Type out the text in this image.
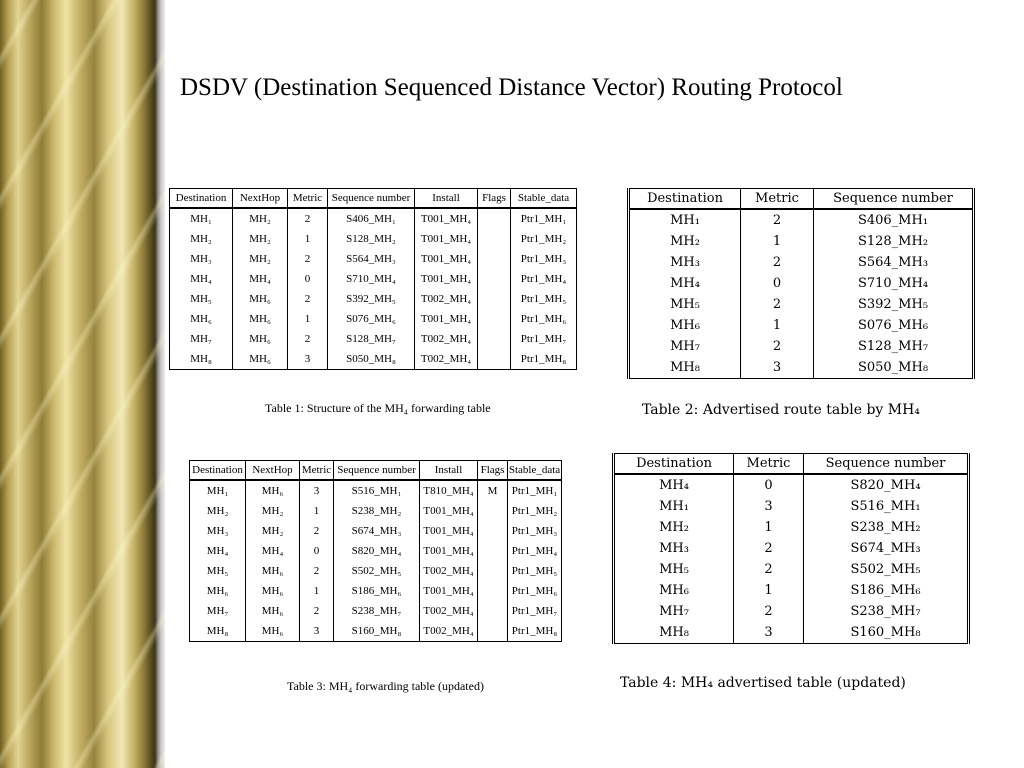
DSDV (Destination Sequenced Distance Vector) Routing Protocol
Destination	NextHop	Metric	Sequence number	Install	Flags	Stable_data
MH₁	MH₂	2	S406_MH₁	T001_MH₄		Ptr1_MH₁
MH₂	MH₂	1	S128_MH₂	T001_MH₄		Ptr1_MH₂
MH₃	MH₂	2	S564_MH₃	T001_MH₄		Ptr1_MH₃
MH₄	MH₄	0	S710_MH₄	T001_MH₄		Ptr1_MH₄
MH₅	MH₆	2	S392_MH₅	T002_MH₄		Ptr1_MH₅
MH₆	MH₆	1	S076_MH₆	T001_MH₄		Ptr1_MH₆
MH₇	MH₆	2	S128_MH₇	T002_MH₄		Ptr1_MH₇
MH₈	MH₆	3	S050_MH₈	T002_MH₄		Ptr1_MH₈
Table 1: Structure of the MH₄ forwarding table
Destination	Metric	Sequence number
MH₁	2	S406_MH₁
MH₂	1	S128_MH₂
MH₃	2	S564_MH₃
MH₄	0	S710_MH₄
MH₅	2	S392_MH₅
MH₆	1	S076_MH₆
MH₇	2	S128_MH₇
MH₈	3	S050_MH₈
Table 2: Advertised route table by MH₄
Destination	NextHop	Metric	Sequence number	Install	Flags	Stable_data
MH₁	MH₆	3	S516_MH₁	T810_MH₄	M	Ptr1_MH₁
MH₂	MH₂	1	S238_MH₂	T001_MH₄		Ptr1_MH₂
MH₃	MH₂	2	S674_MH₃	T001_MH₄		Ptr1_MH₃
MH₄	MH₄	0	S820_MH₄	T001_MH₄		Ptr1_MH₄
MH₅	MH₆	2	S502_MH₅	T002_MH₄		Ptr1_MH₅
MH₆	MH₆	1	S186_MH₆	T001_MH₄		Ptr1_MH₆
MH₇	MH₆	2	S238_MH₇	T002_MH₄		Ptr1_MH₇
MH₈	MH₆	3	S160_MH₈	T002_MH₄		Ptr1_MH₈
Table 3: MH₄ forwarding table (updated)
Destination	Metric	Sequence number
MH₄	0	S820_MH₄
MH₁	3	S516_MH₁
MH₂	1	S238_MH₂
MH₃	2	S674_MH₃
MH₅	2	S502_MH₅
MH₆	1	S186_MH₆
MH₇	2	S238_MH₇
MH₈	3	S160_MH₈
Table 4: MH₄ advertised table (updated)
